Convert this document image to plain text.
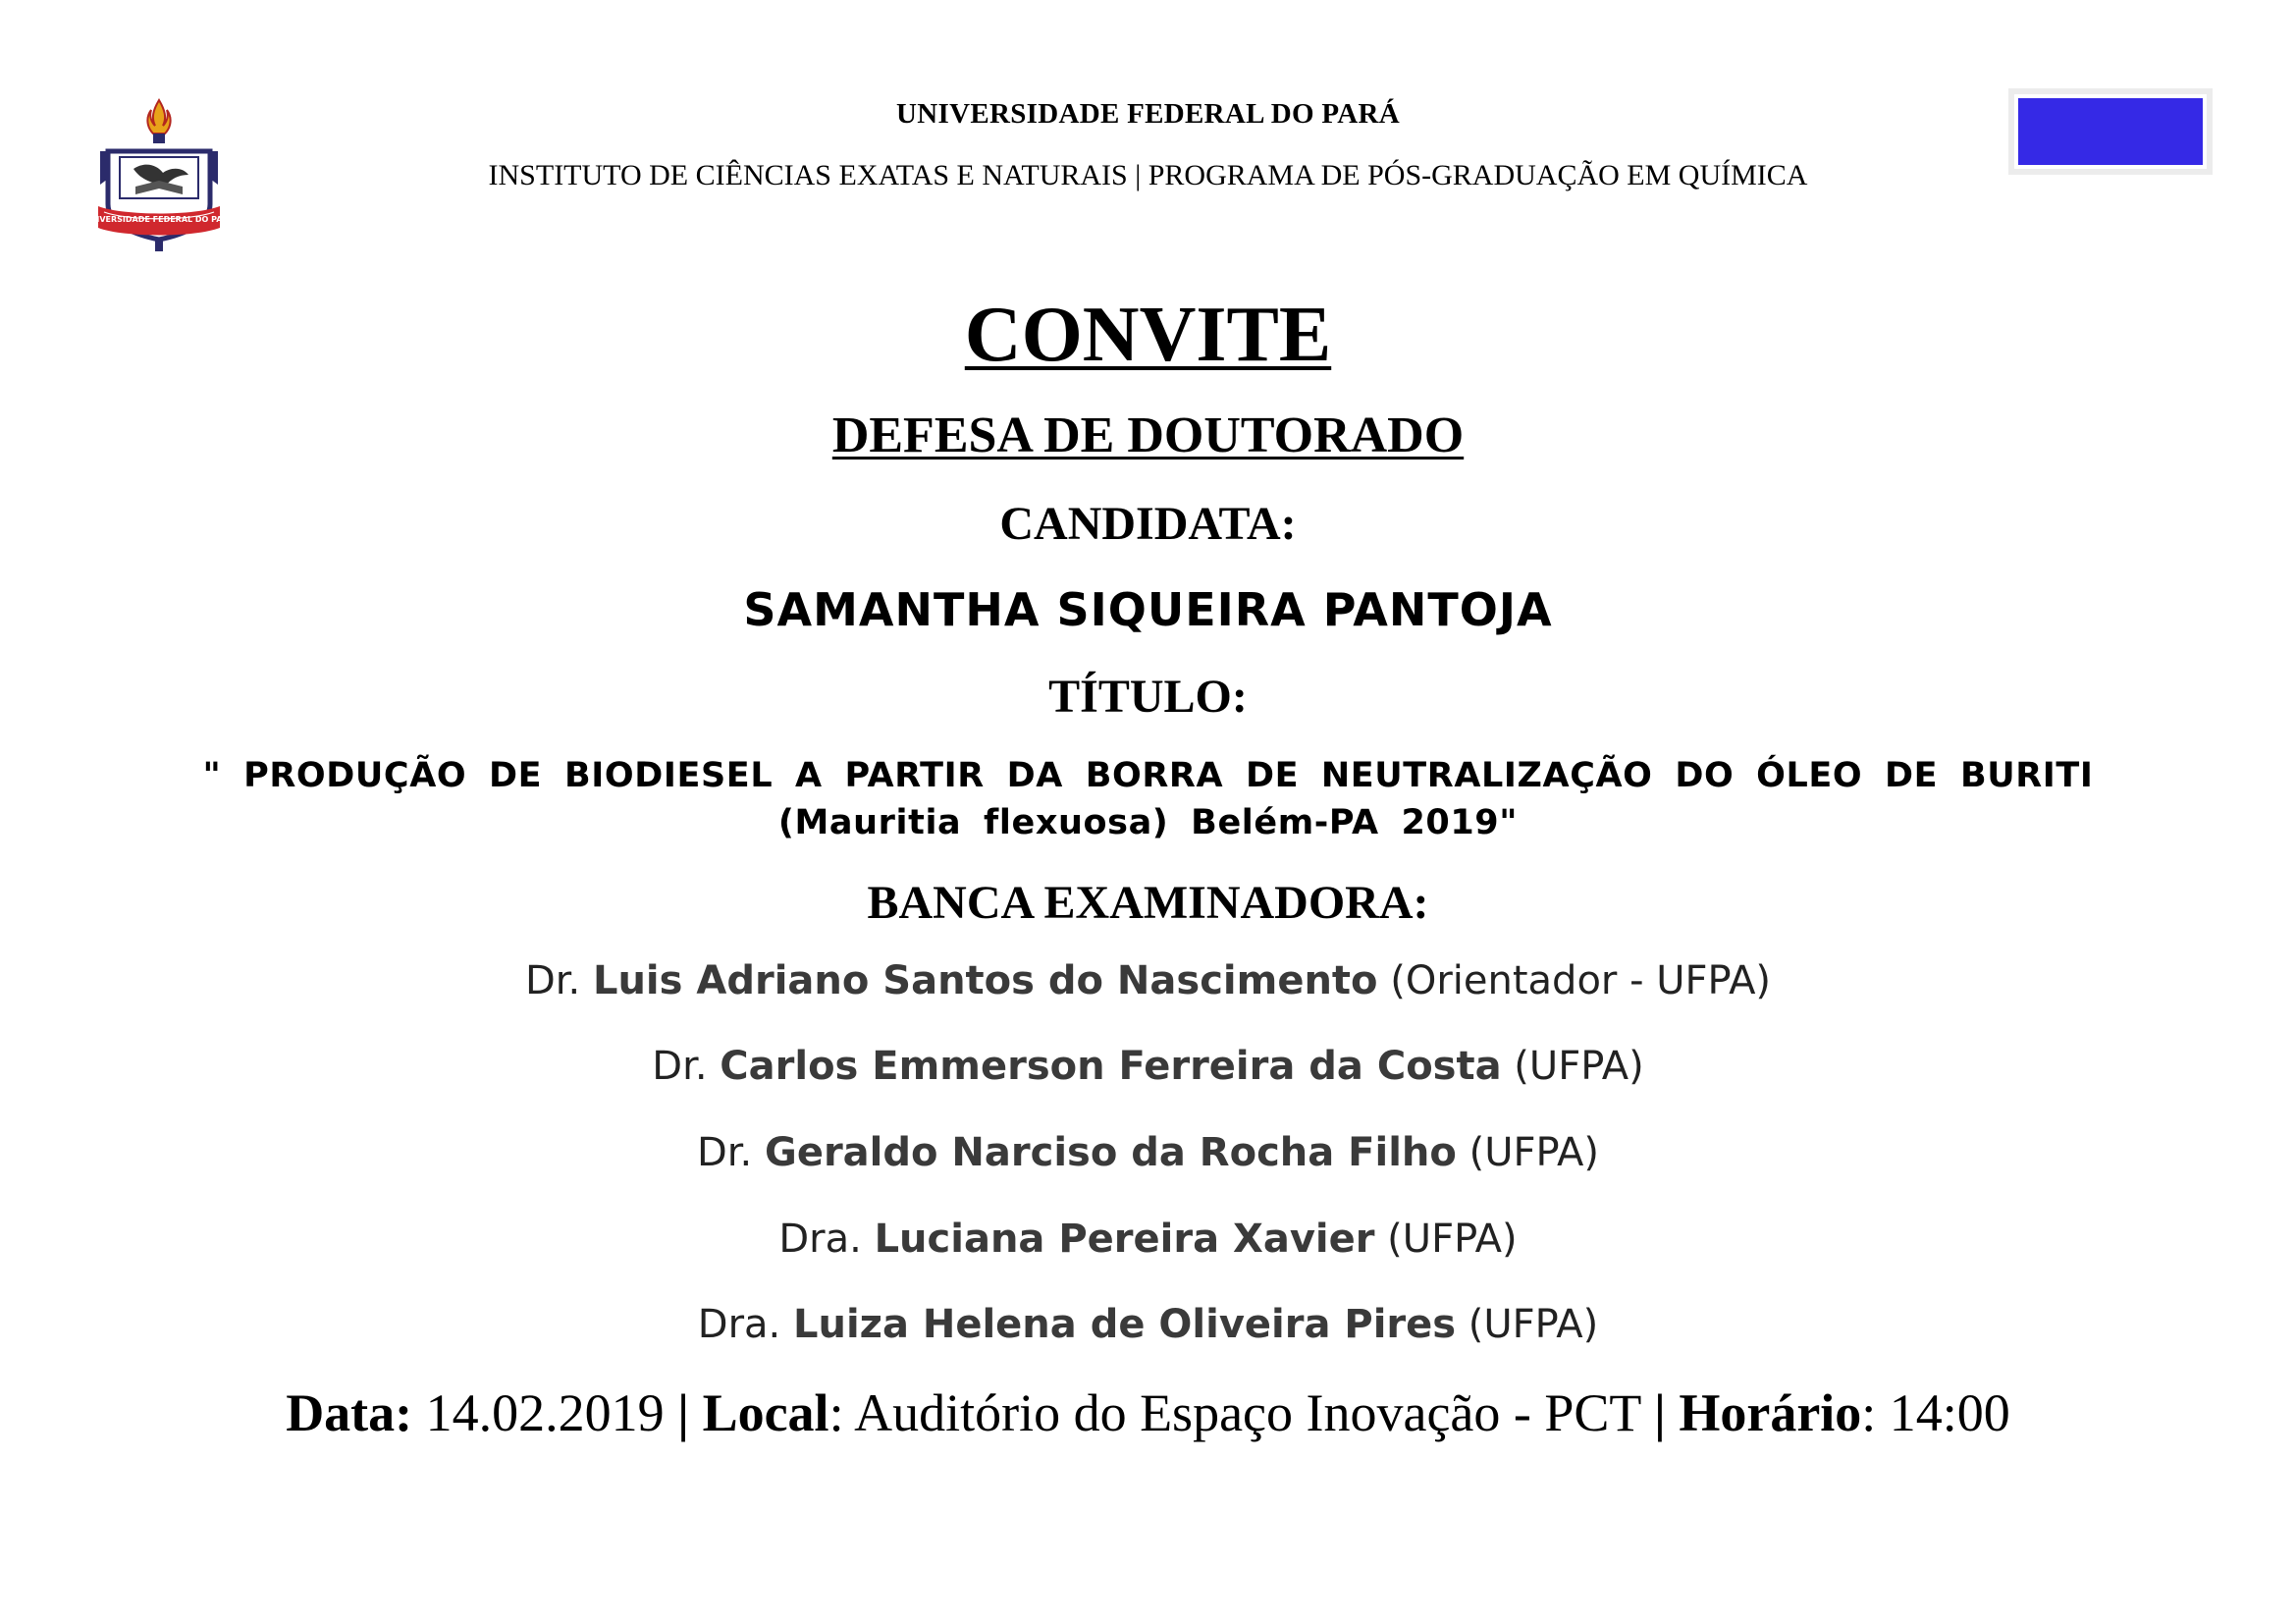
UNIVERSIDADE FEDERAL DO PARÁ
UNIVERSIDADE FEDERAL DO PARÁ
INSTITUTO DE CIÊNCIAS EXATAS E NATURAIS | PROGRAMA DE PÓS-GRADUAÇÃO EM QUÍMICA
CONVITE
DEFESA DE DOUTORADO
CANDIDATA:
SAMANTHA SIQUEIRA PANTOJA
TÍTULO:
" PRODUÇÃO DE BIODIESEL A PARTIR DA BORRA DE NEUTRALIZAÇÃO DO ÓLEO DE BURITI
(Mauritia flexuosa) Belém-PA 2019"
BANCA EXAMINADORA:
Dr. Luis Adriano Santos do Nascimento (Orientador - UFPA)
Dr. Carlos Emmerson Ferreira da Costa (UFPA)
Dr. Geraldo Narciso da Rocha Filho (UFPA)
Dra. Luciana Pereira Xavier (UFPA)
Dra. Luiza Helena de Oliveira Pires (UFPA)
Data: 14.02.2019 | Local: Auditório do Espaço Inovação - PCT | Horário: 14:00
